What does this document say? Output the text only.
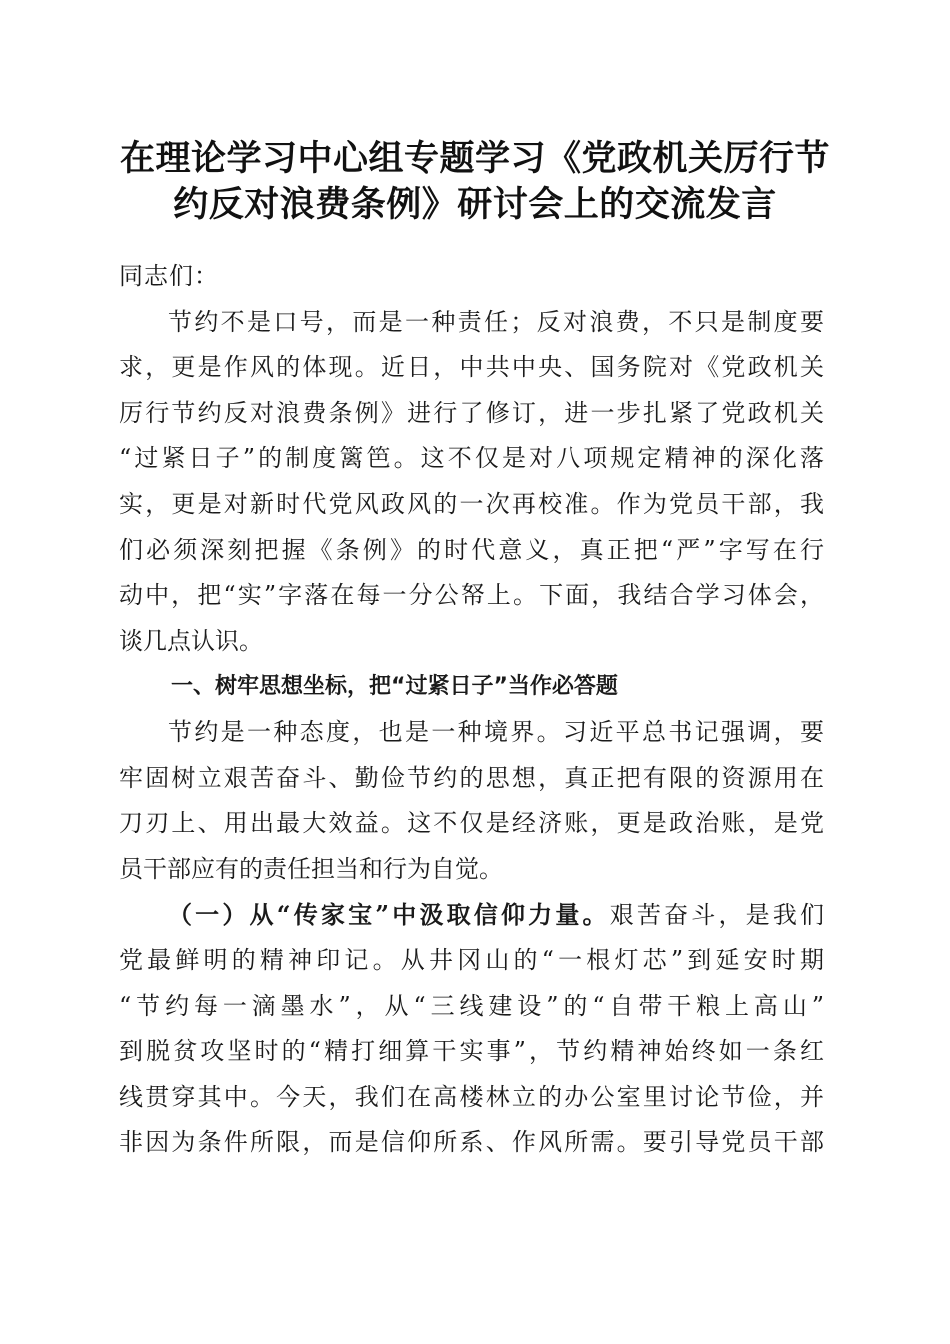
在理论学习中心组专题学习《党政机关厉行节
约反对浪费条例》研讨会上的交流发言
同志们：
节约不是口号，而是一种责任；反对浪费，不只是制度要
求，更是作风的体现。近日，中共中央、国务院对《党政机关
厉行节约反对浪费条例》进行了修订，进一步扎紧了党政机关
“过紧日子”的制度篱笆。这不仅是对八项规定精神的深化落
实，更是对新时代党风政风的一次再校准。作为党员干部，我
们必须深刻把握《条例》的时代意义，真正把“严”字写在行
动中，把“实”字落在每一分公帑上。下面，我结合学习体会，
谈几点认识。
一、树牢思想坐标，把“过紧日子”当作必答题
节约是一种态度，也是一种境界。习近平总书记强调，要
牢固树立艰苦奋斗、勤俭节约的思想，真正把有限的资源用在
刀刃上、用出最大效益。这不仅是经济账，更是政治账，是党
员干部应有的责任担当和行为自觉。
（一）从“传家宝”中汲取信仰力量。艰苦奋斗，是我们
党最鲜明的精神印记。从井冈山的“一根灯芯”到延安时期
“节约每一滴墨水”，从“三线建设”的“自带干粮上高山”
到脱贫攻坚时的“精打细算干实事”，节约精神始终如一条红
线贯穿其中。今天，我们在高楼林立的办公室里讨论节俭，并
非因为条件所限，而是信仰所系、作风所需。要引导党员干部
